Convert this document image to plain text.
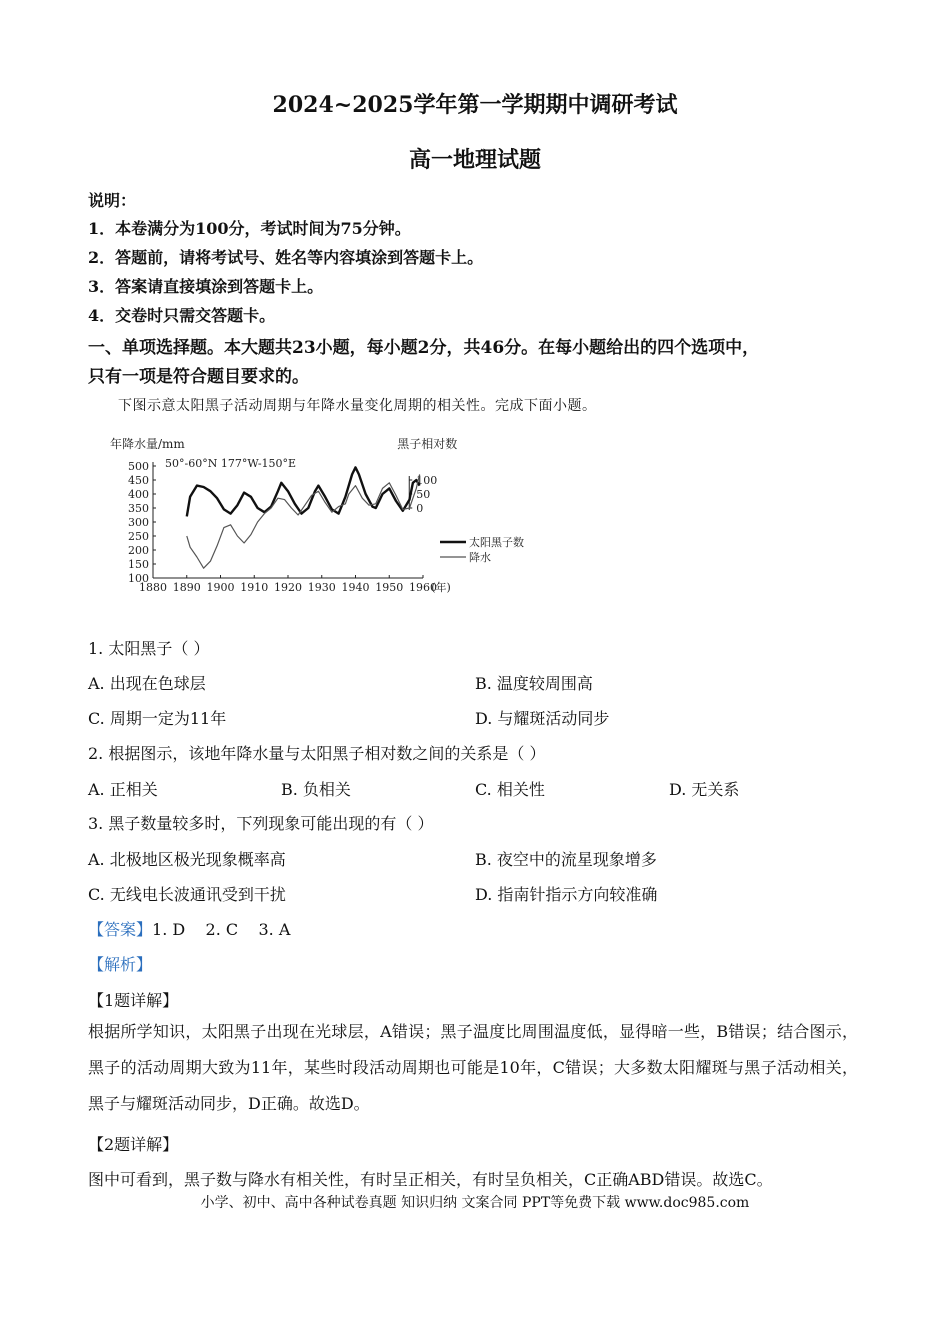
2024~2025学年第一学期期中调研考试
高一地理试题
说明：
1．本卷满分为100分，考试时间为75分钟。
2．答题前，请将考试号、姓名等内容填涂到答题卡上。
3．答案请直接填涂到答题卡上。
4．交卷时只需交答题卡。
一、单项选择题。本大题共23小题，每小题2分，共46分。在每小题给出的四个选项中，
只有一项是符合题目要求的。
下图示意太阳黑子活动周期与年降水量变化周期的相关性。完成下面小题。
1880 1890 1900 1910 1920 1930 1940 1950 1960
(年)
500
450
400
350
300
250
200
150
100
100
50
0
年降水量/mm	黑子相对数
50°-60°N 177°W-150°E
太阳黑子数
降水
1. 太阳黑子（ ）
A. 出现在色球层	B. 温度较周围高
C. 周期一定为11年	D. 与耀斑活动同步
2. 根据图示，该地年降水量与太阳黑子相对数之间的关系是（ ）
A. 正相关	B. 负相关	C. 相关性	D. 无关系
3. 黑子数量较多时，下列现象可能出现的有（ ）
A. 北极地区极光现象概率高	B. 夜空中的流星现象增多
C. 无线电长波通讯受到干扰	D. 指南针指示方向较准确
【答案】1. D    2. C    3. A
【解析】
【1题详解】
根据所学知识，太阳黑子出现在光球层，A错误；黑子温度比周围温度低，显得暗一些，B错误；结合图示，黑子的活动周期大致为11年，某些时段活动周期也可能是10年，C错误；大多数太阳耀斑与黑子活动相关，黑子与耀斑活动同步，D正确。故选D。
【2题详解】
图中可看到，黑子数与降水有相关性，有时呈正相关，有时呈负相关，C正确ABD错误。故选C。
小学、初中、高中各种试卷真题 知识归纳 文案合同 PPT等免费下载 www.doc985.com
